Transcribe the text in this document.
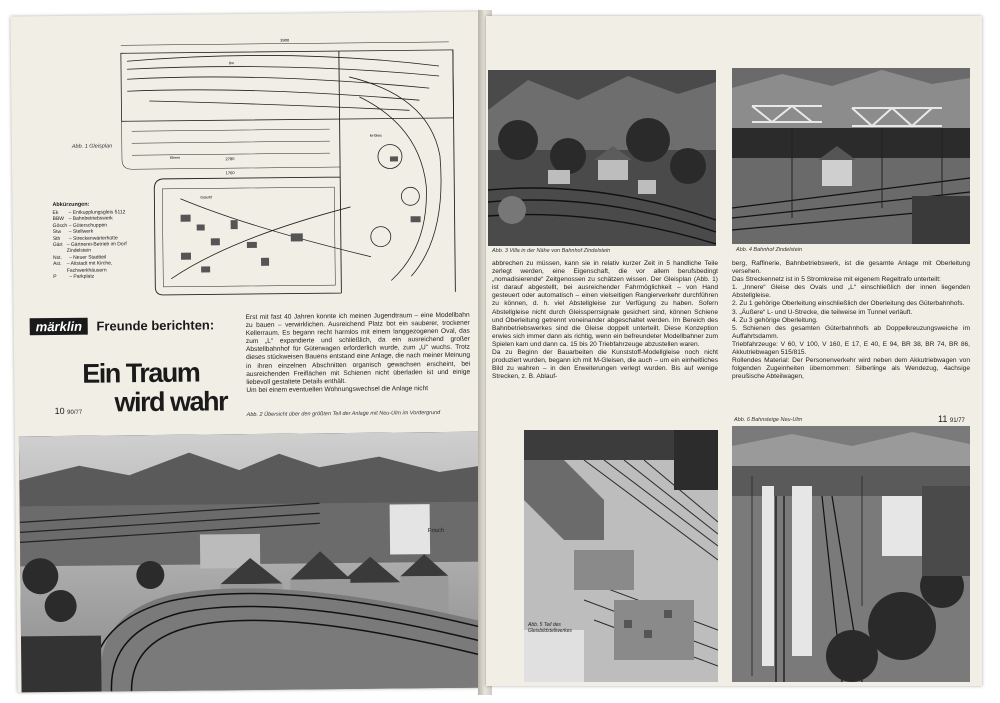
3900
2780
1760
Ebene
M-Gleis
Bw
Güterbf
Abb. 1 Gleisplan
Abkürzungen:
Ek	– Entkupplungsgleis 5112
BBW – Bahnbetriebswerk
Gösch – Güterschuppen
Stw	– Stellwerk
Sth	– Streckenwärterhütte
Gärt – Gärtnerei-Betrieb im Dorf Zindelstein
Nst.	– Neuer Stadtteil
Ast.	– Altstadt mit Kirche, Fachwerkhäusern
P	– Parkplatz
märklin Freunde berichten:
Ein Traum
wird wahr
10 90/77

Erst mit fast 40 Jahren konnte ich meinen Jugendtraum – eine Modellbahn zu bauen – verwirklichen. Ausreichend Platz bot ein sauberer, trockener Kellerraum. Es begann recht harmlos mit einem langgezogenen Oval, das zum „L“ expandierte und schließlich, da ein ausreichend großer Abstellbahnhof für Güterwagen erforderlich wurde, zum „U“ wuchs. Trotz dieses stückweisen Bauens entstand eine Anlage, die nach meiner Meinung in ihren einzelnen Abschnitten organisch gewachsen erscheint, bei ausreichenden Freiflächen mit Schienen nicht überladen ist und einige liebevoll gestaltete Details enthält.

Um bei einem eventuellen Wohnungswechsel die Anlage nicht

Abb. 2 Übersicht über den größten Teil der Anlage mit Neu-Ulm im Vordergrund
Frisch
Abb. 3 Villa in der Nähe von Bahnhof Zindelstein	Abb. 4 Bahnhof Zindelstein

abbrechen zu müssen, kann sie in relativ kurzer Zeit in 5 handliche Teile zerlegt werden, eine Eigenschaft, die vor allem berufsbedingt „nomadisierende“ Zeitgenossen zu schätzen wissen. Der Gleisplan (Abb. 1) ist darauf abgestellt, bei ausreichender Fahrmöglichkeit – von Hand gesteuert oder automatisch – einen vielseitigen Rangierverkehr durchführen zu können, d. h. viel Abstellgleise zur Verfügung zu haben. Sofern Abstellgleise nicht durch Gleissperrsignale gesichert sind, können Schiene und Oberleitung getrennt voneinander abgeschaltet werden. Im Bereich des Bahnbetriebswerkes sind die Gleise doppelt unterteilt. Diese Konzeption erwies sich immer dann als richtig, wenn ein befreundeter Modellbahner zum Spielen kam und dann ca. 15 bis 20 Triebfahrzeuge abzustellen waren.

Da zu Beginn der Bauarbeiten die Kunststoff-Modellgleise noch nicht produziert wurden, begann ich mit M-Gleisen, die auch – um ein einheitliches Bild zu wahren – in den Erweiterungen verlegt wurden. Bis auf wenige Strecken, z. B. Ablauf-

berg, Raffinerie, Bahnbetriebswerk, ist die gesamte Anlage mit Oberleitung versehen.

Das Streckennetz ist in 5 Stromkreise mit eigenem Regeltrafo unterteilt:

1. „Innere“ Gleise des Ovals und „L“ einschließlich der innen liegenden Abstellgleise.

2. Zu 1 gehörige Oberleitung einschließlich der Oberleitung des Güterbahnhofs.

3. „Äußere“ L- und U-Strecke, die teilweise im Tunnel verläuft.

4. Zu 3 gehörige Oberleitung.

5. Schienen des gesamten Güterbahnhofs ab Doppelkreuzungsweiche im Auffahrtsdamm.

Triebfahrzeuge: V 60, V 100, V 160, E 17, E 40, E 94, BR 38, BR 74, BR 86, Akkutriebwagen 515/815.

Rollendes Material: Der Personenverkehr wird neben dem Akkutriebwagen von folgenden Zugeinheiten übernommen: Silberlinge als Wendezug, 4achsige preußische Abteilwagen,

11 91/77
Abb. 5 Teil des Gleisbildstellwerkes
Abb. 6 Bahnsteige Neu-Ulm
